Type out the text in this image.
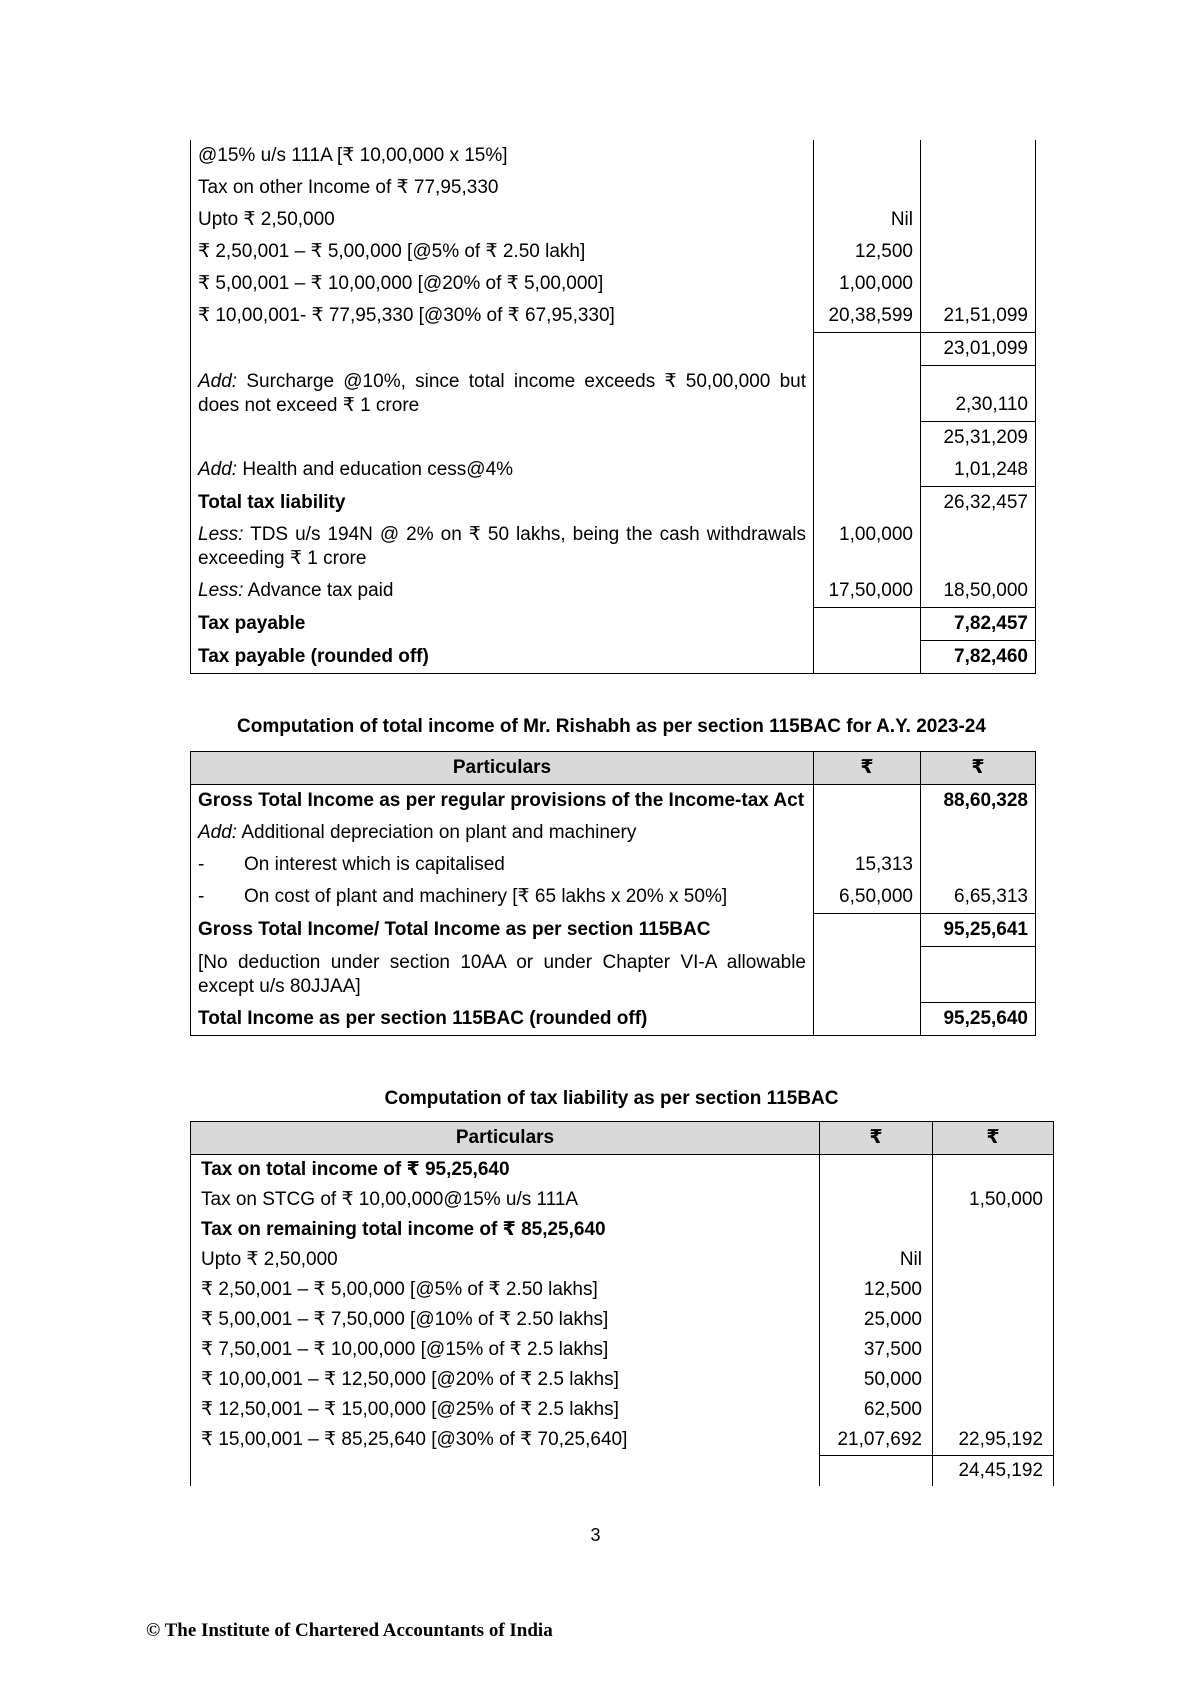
@15% u/s 111A [₹ 10,00,000 x 15%]		
Tax on other Income of ₹ 77,95,330		
Upto ₹ 2,50,000	Nil	
₹ 2,50,001 – ₹ 5,00,000 [@5% of ₹ 2.50 lakh]	12,500	
₹ 5,00,001 – ₹ 10,00,000 [@20% of ₹ 5,00,000]	1,00,000	
₹ 10,00,001- ₹ 77,95,330 [@30% of ₹ 67,95,330]	20,38,599	21,51,099
		23,01,099
Add: Surcharge @10%, since total income exceeds ₹ 50,00,000 but does not exceed ₹ 1 crore		2,30,110
		25,31,209
Add: Health and education cess@4%		1,01,248
Total tax liability		26,32,457
Less: TDS u/s 194N @ 2% on ₹ 50 lakhs, being the cash withdrawals exceeding ₹ 1 crore	1,00,000	
Less: Advance tax paid	17,50,000	18,50,000
Tax payable		7,82,457
Tax payable (rounded off)		7,82,460
Computation of total income of Mr. Rishabh as per section 115BAC for A.Y. 2023-24
Particulars	₹	₹
Gross Total Income as per regular provisions of the Income-tax Act		88,60,328
Add: Additional depreciation on plant and machinery		
- On interest which is capitalised	15,313	
- On cost of plant and machinery [₹ 65 lakhs x 20% x 50%]	6,50,000	6,65,313
Gross Total Income/ Total Income as per section 115BAC		95,25,641
[No deduction under section 10AA or under Chapter VI-A allowable except u/s 80JJAA]		
Total Income as per section 115BAC (rounded off)		95,25,640
Computation of tax liability as per section 115BAC
Particulars	₹	₹
Tax on total income of ₹ 95,25,640		
Tax on STCG of ₹ 10,00,000@15% u/s 111A		1,50,000
Tax on remaining total income of ₹ 85,25,640		
Upto ₹ 2,50,000	Nil	
₹ 2,50,001 – ₹ 5,00,000 [@5% of ₹ 2.50 lakhs]	12,500	
₹ 5,00,001 – ₹ 7,50,000 [@10% of ₹ 2.50 lakhs]	25,000	
₹ 7,50,001 – ₹ 10,00,000 [@15% of ₹ 2.5 lakhs]	37,500	
₹ 10,00,001 – ₹ 12,50,000 [@20% of ₹ 2.5 lakhs]	50,000	
₹ 12,50,001 – ₹ 15,00,000 [@25% of ₹ 2.5 lakhs]	62,500	
₹ 15,00,001 – ₹ 85,25,640 [@30% of ₹ 70,25,640]	21,07,692	22,95,192
		24,45,192
3
© The Institute of Chartered Accountants of India
